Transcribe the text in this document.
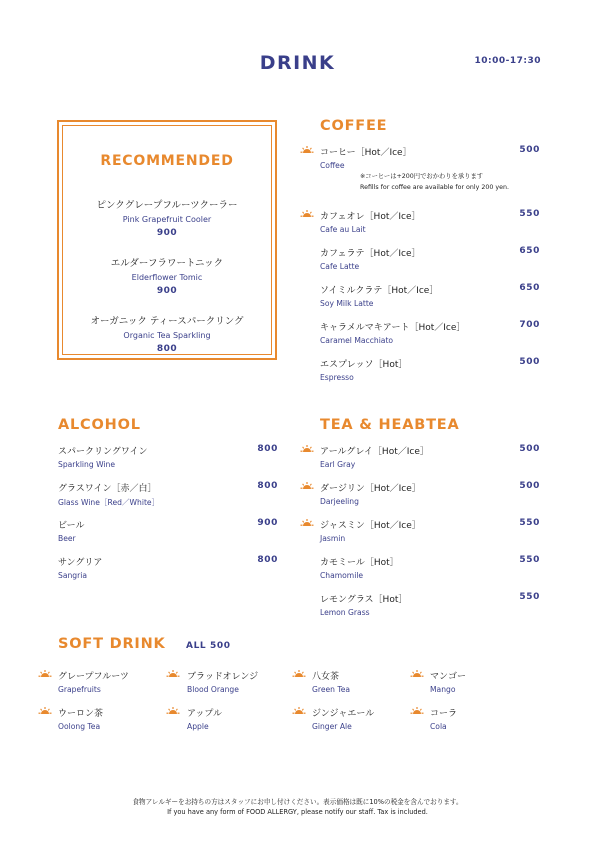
DRINK	10:00-17:30
RECOMMENDED
ピンクグレープフルーツクーラー
Pink Grapefruit Cooler
900
エルダーフラワートニック
Elderflower Tomic
900
オーガニック ティースパークリング
Organic Tea Sparkling
800
COFFEE
コーヒー［Hot／Ice］
Coffee
※コーヒーは+200円でおかわりを承ります
Refills for coffee are available for only 200 yen.
500
カフェオレ［Hot／Ice］
Cafe au Lait
550
カフェラテ［Hot／Ice］
Cafe Latte
650
ソイミルクラテ［Hot／Ice］
Soy Milk Latte
650
キャラメルマキアート［Hot／Ice］
Caramel Macchiato
700
エスプレッソ［Hot］
Espresso
500
ALCOHOL
スパークリングワイン
Sparkling Wine
800
グラスワイン［赤／白］
Glass Wine［Red／White］
800
ビール
Beer
900
サングリア
Sangria
800
TEA & HEABTEA
アールグレイ［Hot／Ice］
Earl Gray
500
ダージリン［Hot／Ice］
Darjeeling
500
ジャスミン［Hot／Ice］
Jasmin
550
カモミール［Hot］
Chamomile
550
レモングラス［Hot］
Lemon Grass
550
SOFT DRINK ALL 500
グレープフルーツ
Grapefruits
ブラッドオレンジ
Blood Orange
八女茶
Green Tea
マンゴー
Mango
ウーロン茶
Oolong Tea
アップル
Apple
ジンジャエール
Ginger Ale
コーラ
Cola
食物アレルギーをお持ちの方はスタッフにお申し付けください。表示価格は既に10%の税金を含んでおります。
If you have any form of FOOD ALLERGY, please notify our staff. Tax is included.
